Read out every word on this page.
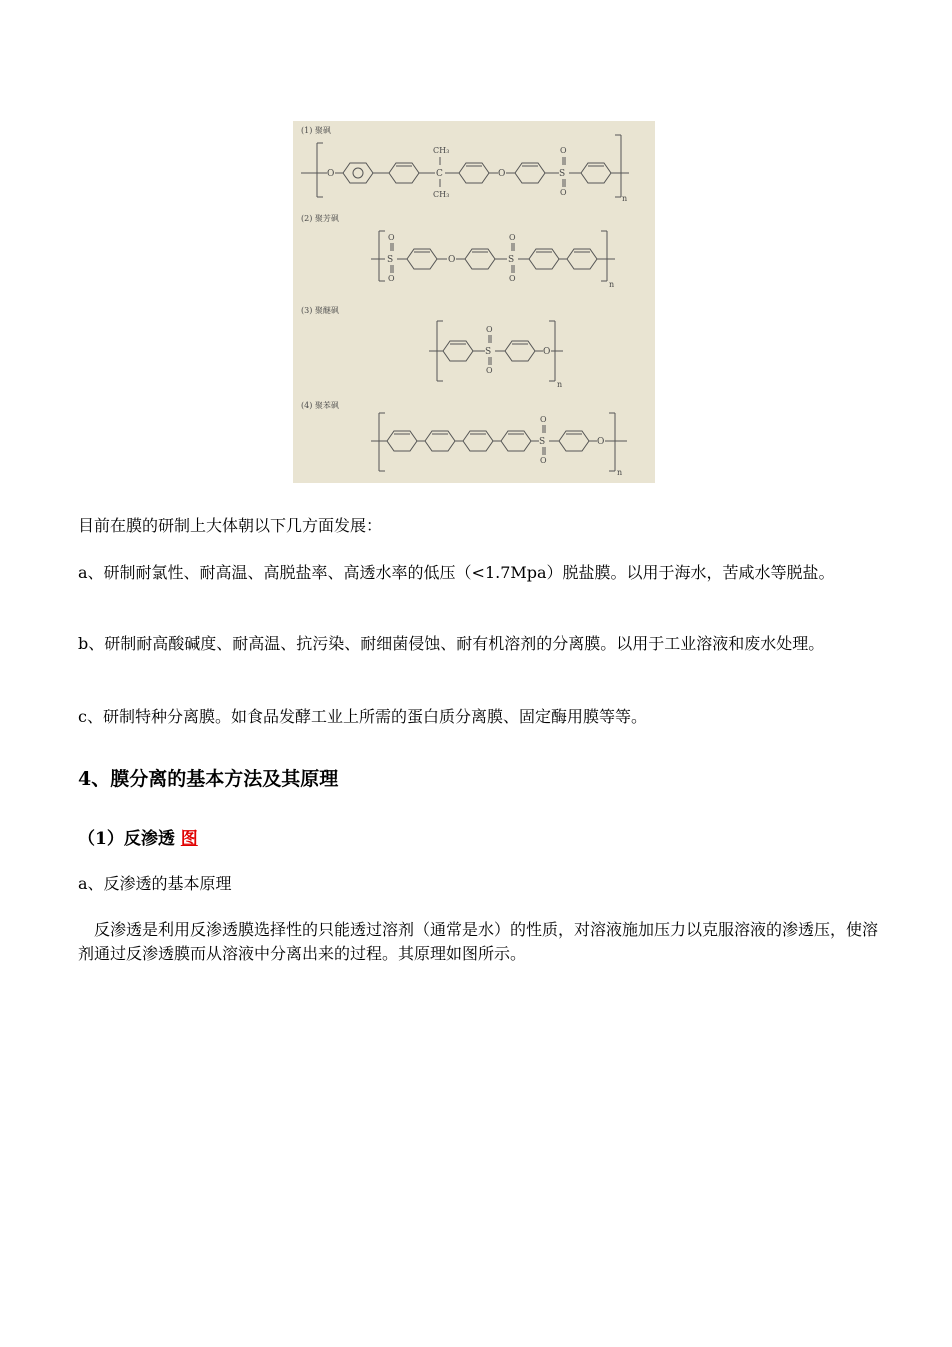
(1) 聚砜
O	C
CH₃
CH₃
O	S
O
O
n
(2) 聚芳砜
S
O
O
O	S
O
O
n
(3) 聚醚砜
S
O
O
O
n
(4) 聚苯砜
S
O
O
O
n

目前在膜的研制上大体朝以下几方面发展：

a、研制耐氯性、耐高温、高脱盐率、高透水率的低压（<1.7Mpa）脱盐膜。以用于海水，苦咸水等脱盐。

b、研制耐高酸碱度、耐高温、抗污染、耐细菌侵蚀、耐有机溶剂的分离膜。以用于工业溶液和废水处理。

c、研制特种分离膜。如食品发酵工业上所需的蛋白质分离膜、固定酶用膜等等。

4、膜分离的基本方法及其原理
（1）反渗透 图

a、反渗透的基本原理

　反渗透是利用反渗透膜选择性的只能透过溶剂（通常是水）的性质，对溶液施加压力以克服溶液的渗透压，使溶剂通过反渗透膜而从溶液中分离出来的过程。其原理如图所示。
